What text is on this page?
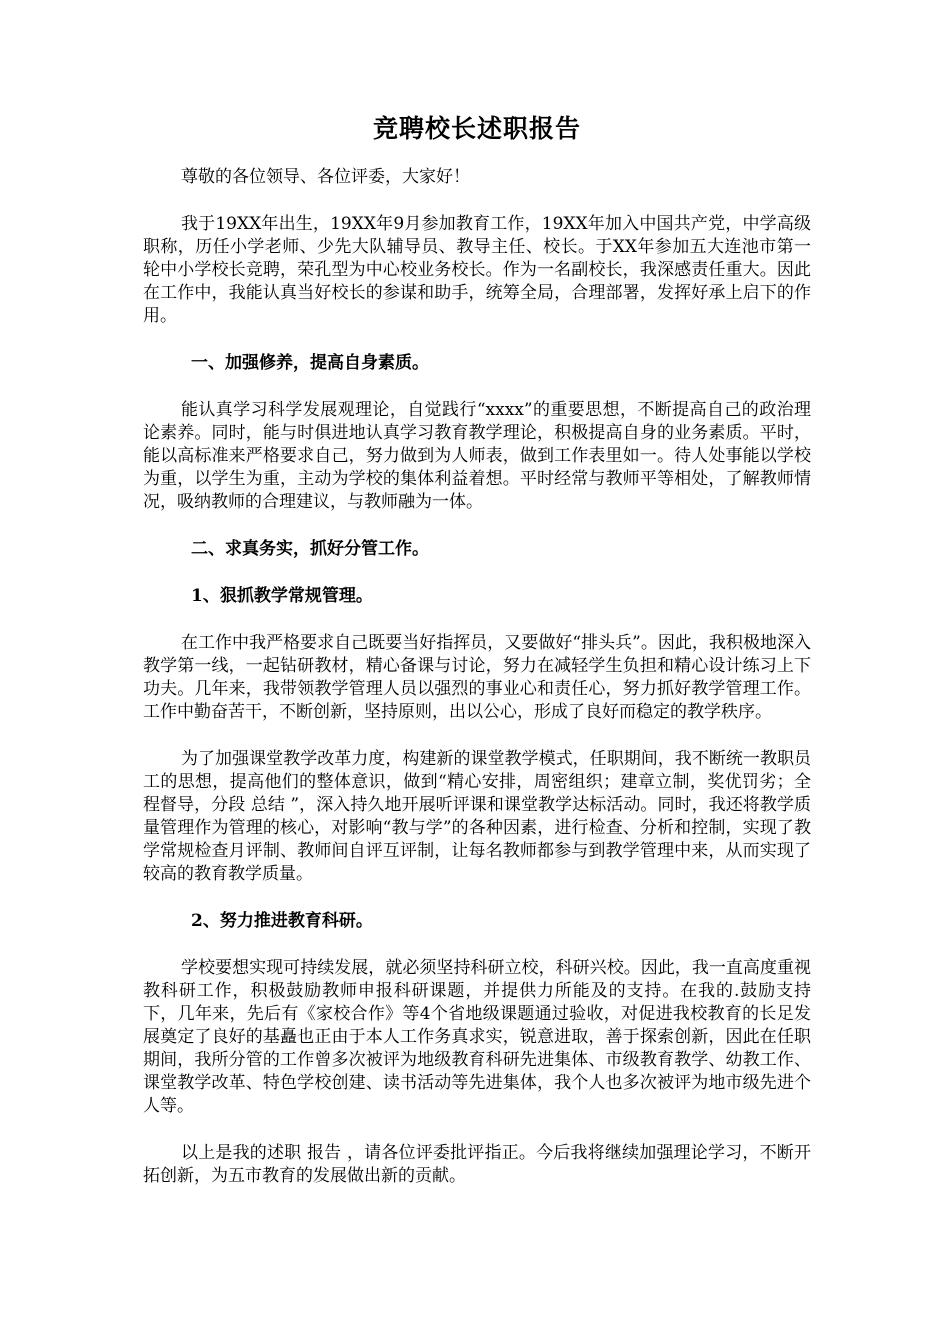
竞聘校长述职报告

尊敬的各位领导、各位评委，大家好！

我于19XX年出生，19XX年9月参加教育工作，19XX年加入中国共产党，中学高级职称，历任小学老师、少先大队辅导员、教导主任、校长。于XX年参加五大连池市第一轮中小学校长竞聘，荣孔型为中心校业务校长。作为一名副校长，我深感责任重大。因此在工作中，我能认真当好校长的参谋和助手，统筹全局，合理部署，发挥好承上启下的作用。

一、加强修养，提高自身素质。

能认真学习科学发展观理论，自觉践行“xxxx”的重要思想，不断提高自己的政治理论素养。同时，能与时俱进地认真学习教育教学理论，积极提高自身的业务素质。平时，能以高标准来严格要求自己，努力做到为人师表，做到工作表里如一。待人处事能以学校为重，以学生为重，主动为学校的集体利益着想。平时经常与教师平等相处，了解教师情况，吸纳教师的合理建议，与教师融为一体。

二、求真务实，抓好分管工作。

1、狠抓教学常规管理。

在工作中我严格要求自己既要当好指挥员，又要做好“排头兵”。因此，我积极地深入教学第一线，一起钻研教材，精心备课与讨论，努力在减轻学生负担和精心设计练习上下功夫。几年来，我带领教学管理人员以强烈的事业心和责任心，努力抓好教学管理工作。工作中勤奋苦干，不断创新，坚持原则，出以公心，形成了良好而稳定的教学秩序。

为了加强课堂教学改革力度，构建新的课堂教学模式，任职期间，我不断统一教职员工的思想，提高他们的整体意识，做到“精心安排，周密组织；建章立制，奖优罚劣；全程督导，分段 总结 ”，深入持久地开展听评课和课堂教学达标活动。同时，我还将教学质量管理作为管理的核心，对影响“教与学”的各种因素，进行检查、分析和控制，实现了教学常规检查月评制、教师间自评互评制，让每名教师都参与到教学管理中来，从而实现了较高的教育教学质量。

2、努力推进教育科研。

学校要想实现可持续发展，就必须坚持科研立校，科研兴校。因此，我一直高度重视教科研工作，积极鼓励教师申报科研课题，并提供力所能及的支持。在我的.鼓励支持下，几年来，先后有《家校合作》等4个省地级课题通过验收，对促进我校教育的长足发展奠定了良好的基矗也正由于本人工作务真求实，锐意进取，善于探索创新，因此在任职期间，我所分管的工作曾多次被评为地级教育科研先进集体、市级教育教学、幼教工作、课堂教学改革、特色学校创建、读书活动等先进集体，我个人也多次被评为地市级先进个人等。

以上是我的述职 报告 ，请各位评委批评指正。今后我将继续加强理论学习，不断开拓创新，为五市教育的发展做出新的贡献。
